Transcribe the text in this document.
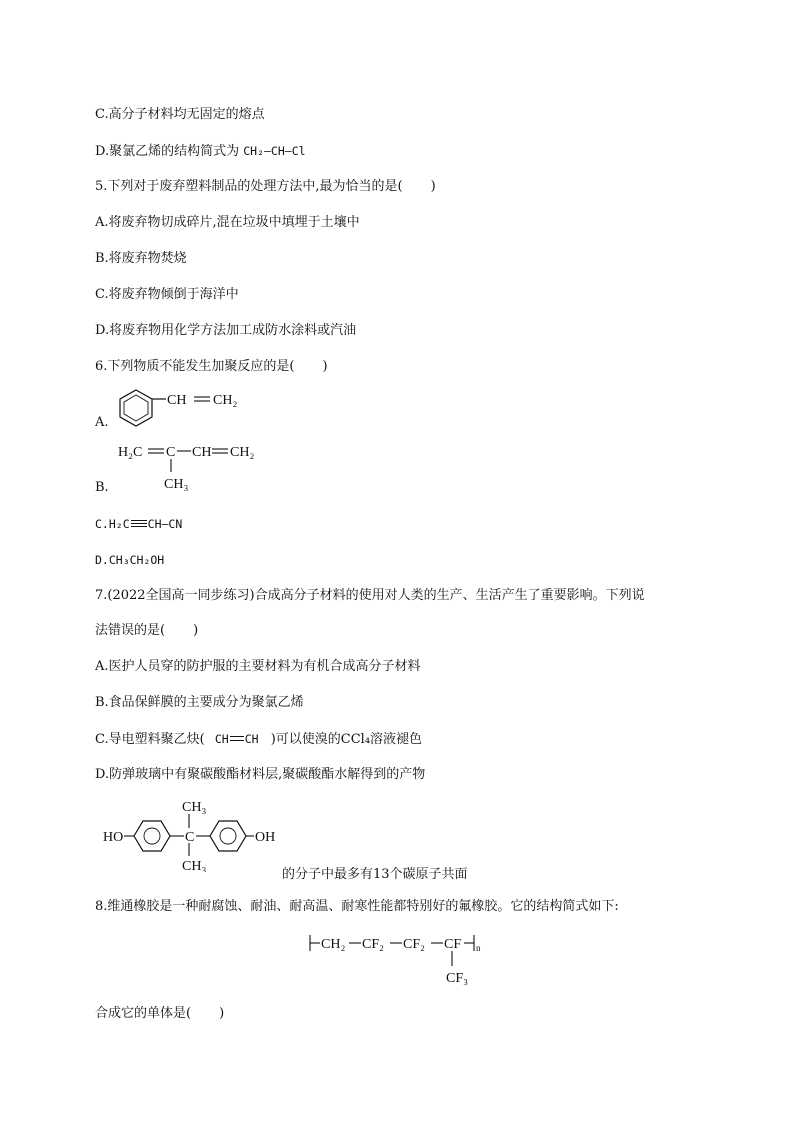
C.高分子材料均无固定的熔点
D.聚氯乙烯的结构简式为 CH₂—CH—Cl
5.下列对于废弃塑料制品的处理方法中,最为恰当的是( )
A.将废弃物切成碎片,混在垃圾中填埋于土壤中
B.将废弃物焚烧
C.将废弃物倾倒于海洋中
D.将废弃物用化学方法加工成防水涂料或汽油
6.下列物质不能发生加聚反应的是( )
A.
CH CH₂
B.
H₂C C CH CH₂
CH₃
C.H₂C CH—CN
D.CH₃CH₂OH
7.(2022全国高一同步练习)合成高分子材料的使用对人类的生产、生活产生了重要影响。下列说
法错误的是( )
A.医护人员穿的防护服的主要材料为有机合成高分子材料
B.食品保鲜膜的主要成分为聚氯乙烯
C.导电塑料聚乙炔( CH CH )可以使溴的CCl₄溶液褪色
D.防弹玻璃中有聚碳酸酯材料层,聚碳酸酯水解得到的产物
HO	C
CH₃
CH₃
OH
的分子中最多有13个碳原子共面
8.维通橡胶是一种耐腐蚀、耐油、耐高温、耐寒性能都特别好的氟橡胶。它的结构简式如下:
CH₂ CF₂ CF₂ CF n
CF₃
合成它的单体是( )
